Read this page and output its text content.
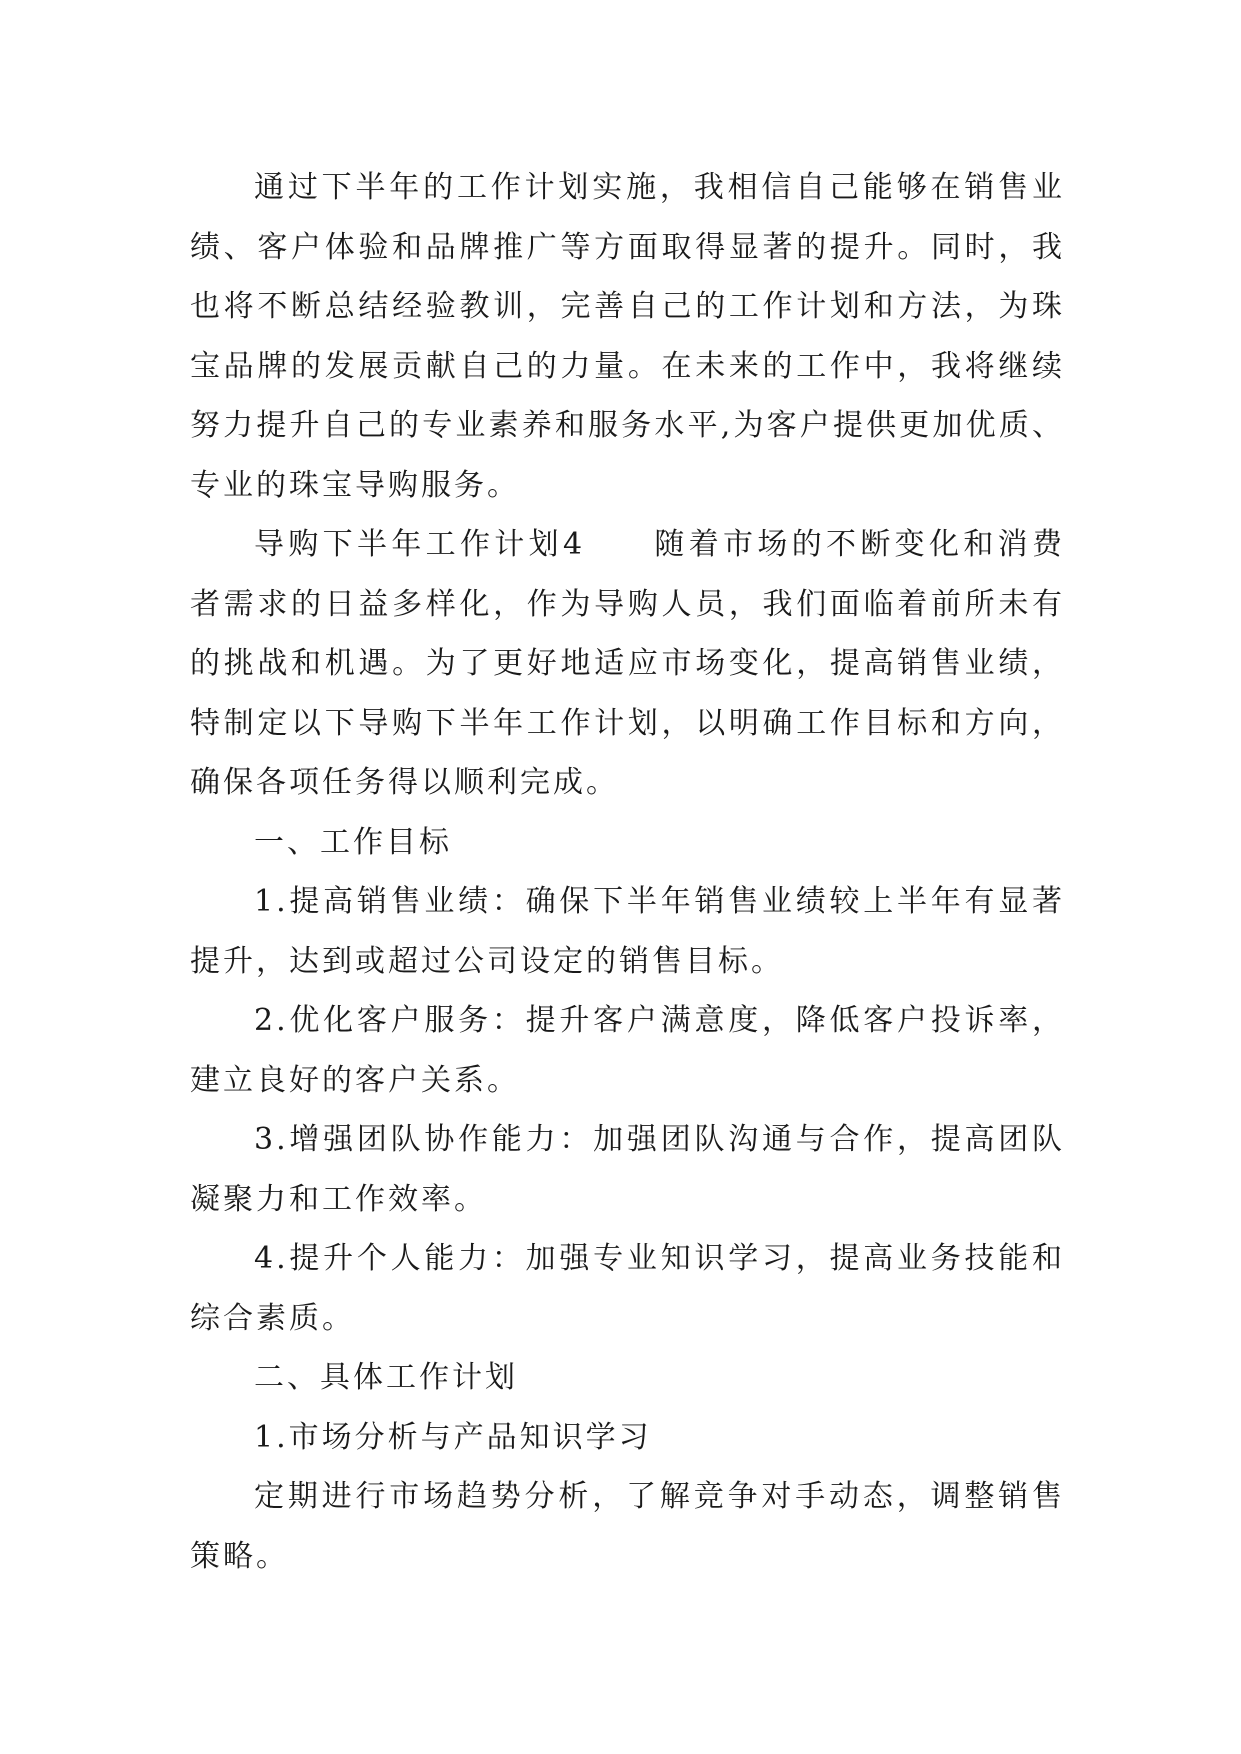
通过下半年的工作计划实施，我相信自己能够在销售业绩、客户体验和品牌推广等方面取得显著的提升。同时，我也将不断总结经验教训，完善自己的工作计划和方法，为珠宝品牌的发展贡献自己的力量。在未来的工作中，我将继续努力提升自己的专业素养和服务水平,为客户提供更加优质、专业的珠宝导购服务。

导购下半年工作计划4 随着市场的不断变化和消费者需求的日益多样化，作为导购人员，我们面临着前所未有的挑战和机遇。为了更好地适应市场变化，提高销售业绩，特制定以下导购下半年工作计划，以明确工作目标和方向，确保各项任务得以顺利完成。

一、工作目标

1.提高销售业绩：确保下半年销售业绩较上半年有显著提升，达到或超过公司设定的销售目标。

2.优化客户服务：提升客户满意度，降低客户投诉率，建立良好的客户关系。

3.增强团队协作能力：加强团队沟通与合作，提高团队凝聚力和工作效率。

4.提升个人能力：加强专业知识学习，提高业务技能和综合素质。

二、具体工作计划

1.市场分析与产品知识学习

定期进行市场趋势分析，了解竞争对手动态，调整销售策略。
